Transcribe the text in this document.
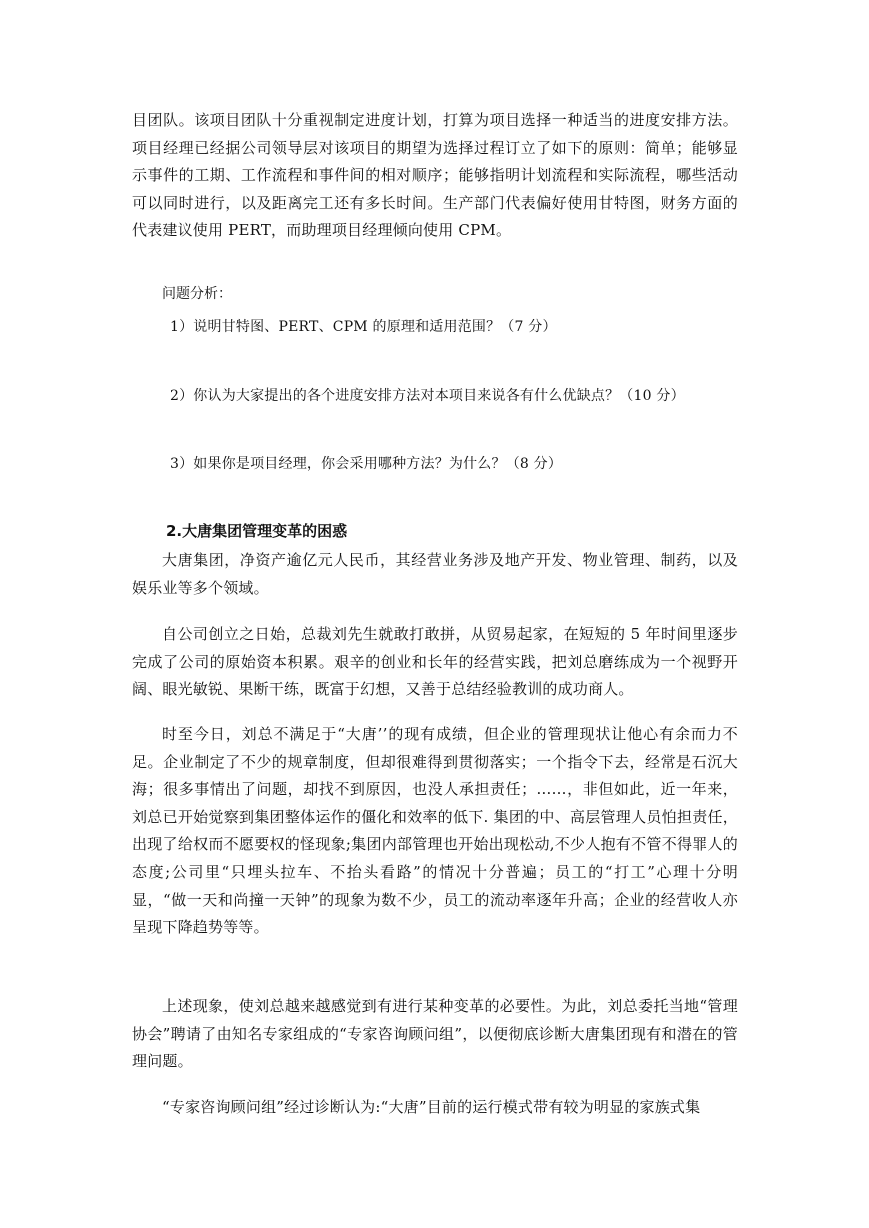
目团队。该项目团队十分重视制定进度计划，打算为项目选择一种适当的进度安排方法。项目经理已经据公司领导层对该项目的期望为选择过程订立了如下的原则：简单；能够显示事件的工期、工作流程和事件间的相对顺序；能够指明计划流程和实际流程，哪些活动可以同时进行，以及距离完工还有多长时间。生产部门代表偏好使用甘特图，财务方面的代表建议使用 PERT，而助理项目经理倾向使用 CPM。

问题分析：

1）说明甘特图、PERT、CPM 的原理和适用范围？（7 分）

2）你认为大家提出的各个进度安排方法对本项目来说各有什么优缺点？（10 分）

3）如果你是项目经理，你会采用哪种方法？为什么？（8 分）

2.大唐集团管理变革的困惑

大唐集团，净资产逾亿元人民币，其经营业务涉及地产开发、物业管理、制药，以及娱乐业等多个领域。

自公司创立之日始，总裁刘先生就敢打敢拼，从贸易起家，在短短的 5 年时间里逐步完成了公司的原始资本积累。艰辛的创业和长年的经营实践，把刘总磨练成为一个视野开阔、眼光敏锐、果断干练，既富于幻想，又善于总结经验教训的成功商人。

时至今日，刘总不满足于“大唐’’的现有成绩，但企业的管理现状让他心有余而力不足。企业制定了不少的规章制度，但却很难得到贯彻落实；一个指令下去，经常是石沉大海；很多事情出了问题，却找不到原因，也没人承担责任；……，非但如此，近一年来，刘总已开始觉察到集团整体运作的僵化和效率的低下. 集团的中、高层管理人员怕担责任，出现了给权而不愿要权的怪现象;集团内部管理也开始出现松动,不少人抱有不管不得罪人的态度;公司里“只埋头拉车、不抬头看路”的情况十分普遍；员工的“打工”心理十分明显，“做一天和尚撞一天钟”的现象为数不少，员工的流动率逐年升高；企业的经营收人亦呈现下降趋势等等。

上述现象，使刘总越来越感觉到有进行某种变革的必要性。为此，刘总委托当地“管理协会”聘请了由知名专家组成的“专家咨询顾问组”，以便彻底诊断大唐集团现有和潜在的管理问题。

“专家咨询顾问组”经过诊断认为:“大唐”目前的运行模式带有较为明显的家族式集
